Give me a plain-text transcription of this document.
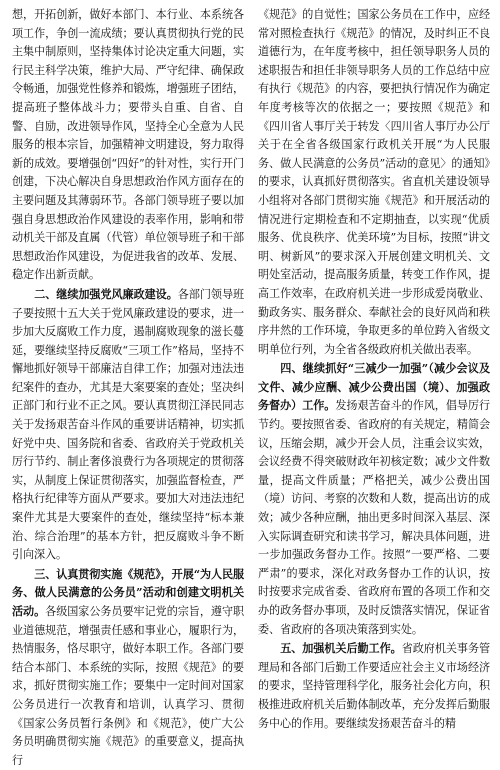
想，开拓创新，做好本部门、本行业、本系统各项工作，争创一流成绩；要认真贯彻执行党的民主集中制原则，坚持集体讨论决定重大问题，实行民主科学决策，维护大局、严守纪律、确保政令畅通，加强党性修养和锻炼，增强班子团结，提高班子整体战斗力；要带头自重、自省、自警、自励，改进领导作风，坚持全心全意为人民服务的根本宗旨，加强精神文明建设，努力取得新的成效。要增强创“四好”的针对性，实行开门创建，下决心解决自身思想政治作风方面存在的主要问题及其薄弱环节。各部门领导班子要以加强自身思想政治作风建设的表率作用，影响和带动机关干部及直属（代管）单位领导班子和干部思想政治作风建设，为促进我省的改革、发展、稳定作出新贡献。

二、继续加强党风廉政建设。各部门领导班子要按照十五大关于党风廉政建设的要求，进一步加大反腐败工作力度，遏制腐败现象的滋长蔓延，要继续坚持反腐败“三项工作”格局，坚持不懈地抓好领导干部廉洁自律工作；加强对违法违纪案件的查办，尤其是大案要案的查处；坚决纠正部门和行业不正之风。要认真贯彻江泽民同志关于发扬艰苦奋斗作风的重要讲话精神，切实抓好党中央、国务院和省委、省政府关于党政机关厉行节约、制止奢侈浪费行为各项规定的贯彻落实，从制度上保证贯彻落实，加强监督检查，严格执行纪律等方面从严要求。要加大对违法违纪案件尤其是大要案件的查处，继续坚持“标本兼治、综合治理”的基本方针，把反腐败斗争不断引向深入。

三、认真贯彻实施《规范》，开展“为人民服务、做人民满意的公务员”活动和创建文明机关活动。各级国家公务员要牢记党的宗旨，遵守职业道德规范，增强责任感和事业心，履职行为，热情服务，恪尽职守，做好本职工作。各部门要结合本部门、本系统的实际，按照《规范》的要求，抓好贯彻实施工作；要集中一定时间对国家公务员进行一次教育和培训，认真学习、贯彻《国家公务员暂行条例》和《规范》，使广大公务员明确贯彻实施《规范》的重要意义，提高执行

《规范》的自觉性；国家公务员在工作中，应经常对照检查执行《规范》的情况，及时纠正不良道德行为，在年度考核中，担任领导职务人员的述职报告和担任非领导职务人员的工作总结中应有执行《规范》的内容，要把执行情况作为确定年度考核等次的依据之一；要按照《规范》和《四川省人事厅关于转发〈四川省人事厅办公厅关于在全省各级国家行政机关开展“为人民服务、做人民满意的公务员”活动的意见〉的通知》的要求，认真抓好贯彻落实。省直机关建设领导小组将对各部门贯彻实施《规范》和开展活动的情况进行定期检查和不定期抽查，以实现“优质服务、优良秩序、优美环境”为目标，按照“讲文明、树新风”的要求深入开展创建文明机关、文明处室活动，提高服务质量，转变工作作风，提高工作效率，在政府机关进一步形成爱岗敬业、勤政务实、服务群众、奉献社会的良好风尚和秩序井然的工作环境，争取更多的单位跨入省级文明单位行列，为全省各级政府机关做出表率。

四、继续抓好“三减少一加强”（减少会议及文件、减少应酬、减少公费出国（境）、加强政务督办）工作。发扬艰苦奋斗的作风，倡导厉行节约。要按照省委、省政府的有关规定，精简会议，压缩会期，减少开会人员，注重会议实效，会议经费不得突破财政年初核定数；减少文件数量，提高文件质量；严格把关，减少公费出国（境）访问、考察的次数和人数，提高出访的成效；减少各种应酬，抽出更多时间深入基层、深入实际调查研究和读书学习，解决具体问题，进一步加强政务督办工作。按照“一要严格、二要严肃”的要求，深化对政务督办工作的认识，按时按要求完成省委、省政府布置的各项工作和交办的政务督办事项，及时反馈落实情况，保证省委、省政府的各项决策落到实处。

五、加强机关后勤工作。省政府机关事务管理局和各部门后勤工作要适应社会主义市场经济的要求，坚持管理科学化，服务社会化方向，积极推进政府机关后勤体制改革，充分发挥后勤服务中心的作用。要继续发扬艰苦奋斗的精
